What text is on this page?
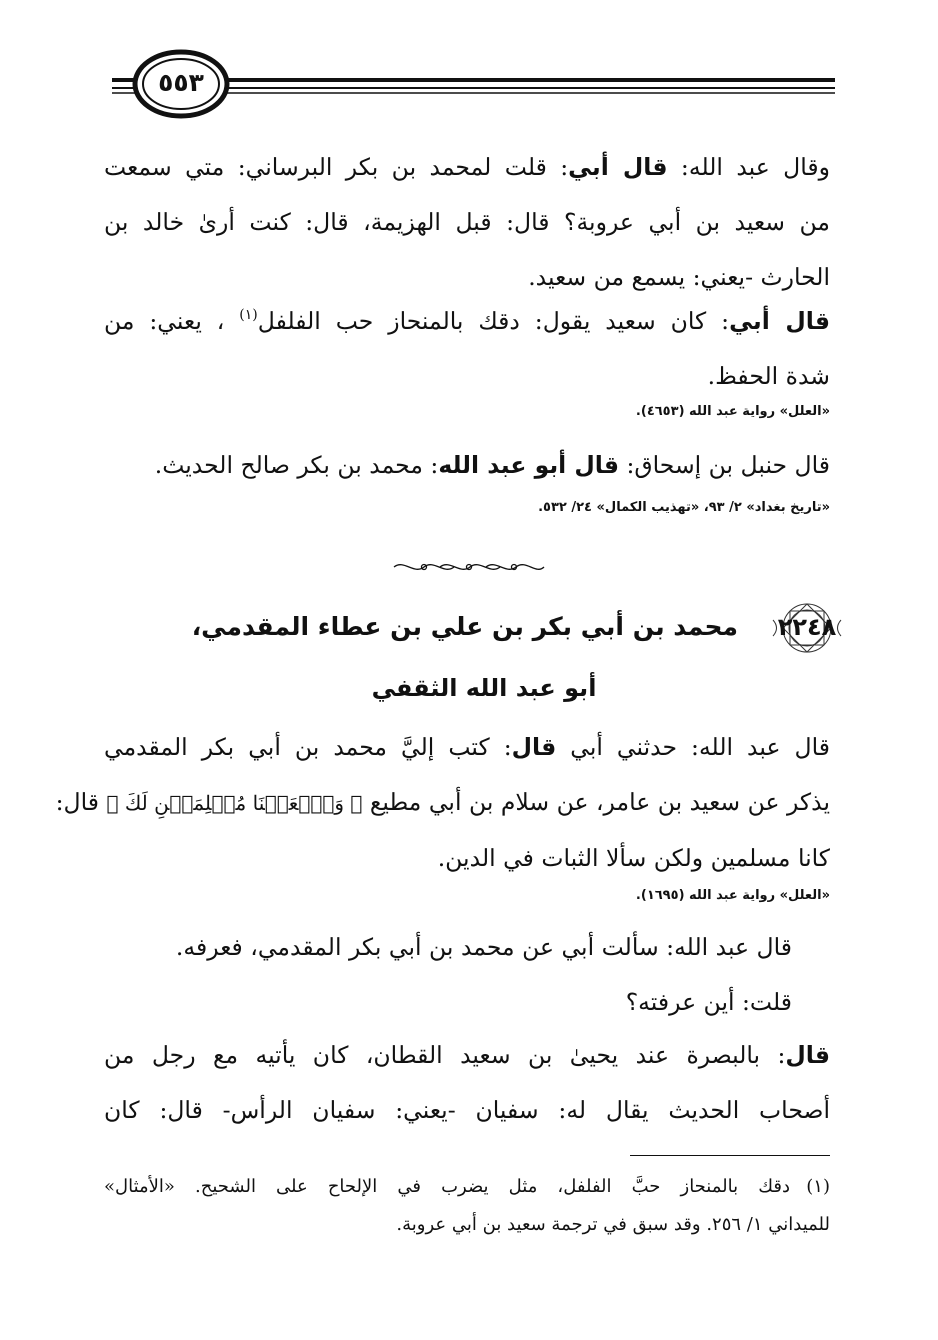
٥٥٣
وقال عبد الله: قال أبي: قلت لمحمد بن بكر البرساني: متي سمعت
من سعيد بن أبي عروبة؟ قال: قبل الهزيمة، قال: كنت أرىٰ خالد بن
الحارث -يعني: يسمع من سعيد.
قال أبي: كان سعيد يقول: دقك بالمنحاز حب الفلفل$^{(١)}$ ، يعني: من
شدة الحفظ.
«العلل» رواية عبد الله (٤٦٥٣).
قال حنبل بن إسحاق: قال أبو عبد الله: محمد بن بكر صالح الحديث.
«تاريخ بغداد» ٢/ ٩٣، «تهذيب الكمال» ٢٤/ ٥٣٢.
٢٢٤٨
محمد بن أبي بكر بن علي بن عطاء المقدمي،
أبو عبد الله الثقفي
قال عبد الله: حدثني أبي قال: كتب إليَّ محمد بن أبي بكر المقدمي
يذكر عن سعيد بن عامر، عن سلام بن أبي مطيع ﴿ وَٱجۡعَلۡنَا مُسۡلِمَيۡنِ لَكَ ﴾ قال:
كانا مسلمين ولكن سألا الثبات في الدين.
«العلل» رواية عبد الله (١٦٩٥).
قال عبد الله: سألت أبي عن محمد بن أبي بكر المقدمي، فعرفه.
قلت: أين عرفته؟
قال: بالبصرة عند يحيىٰ بن سعيد القطان، كان يأتيه مع رجل من
أصحاب الحديث يقال له: سفيان -يعني: سفيان الرأس- قال: كان
(١)دقك بالمنحاز حبَّ الفلفل، مثل يضرب في الإلحاح على الشحيح. «الأمثال»
للميداني ١/ ٢٥٦. وقد سبق في ترجمة سعيد بن أبي عروبة.
